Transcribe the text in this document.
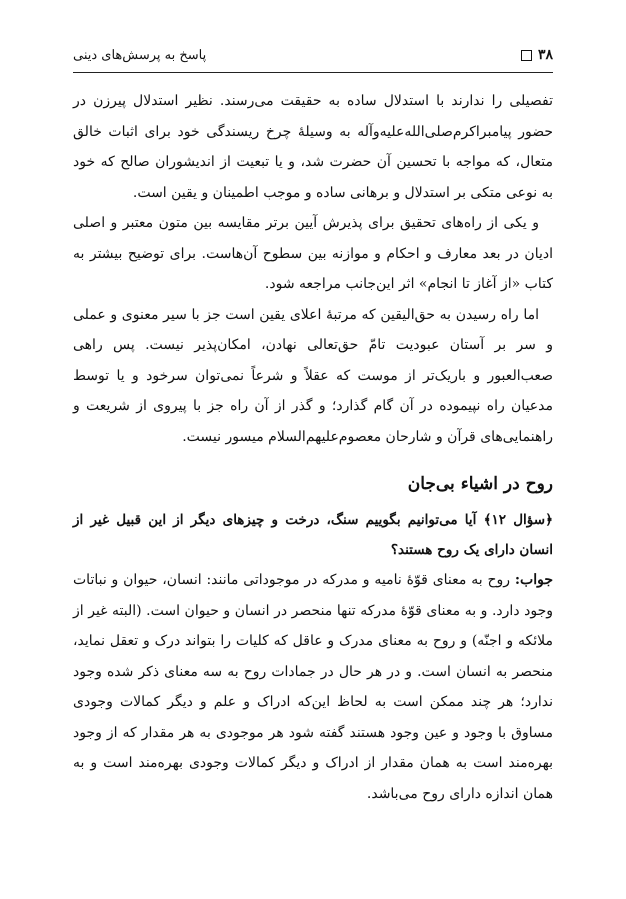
۳۸
پاسخ به پرسش‌های دینی

تفصیلی را ندارند با استدلال ساده به حقیقت می‌رسند. نظیر استدلال پیرزن در حضور پیامبراکرم‌صلی‌الله‌علیه‌وآله به وسیلهٔ چرخ ریسندگی خود برای اثبات خالق متعال، که مواجه با تحسین آن حضرت شد، و یا تبعیت از اندیشوران صالح که خود به نوعی متکی بر استدلال و برهانی ساده و موجب اطمینان و یقین است.

و یکی از راه‌های تحقیق برای پذیرش آیین برتر مقایسه بین متون معتبر و اصلی ادیان در بعد معارف و احکام و موازنه بین سطوح آن‌هاست. برای توضیح بیشتر به کتاب «از آغاز تا انجام» اثر این‌جانب مراجعه شود.

اما راه رسیدن به حق‌الیقین که مرتبهٔ اعلای یقین است جز با سیر معنوی و عملی و سر بر آستان عبودیت تامّ حق‌تعالی نهادن، امکان‌پذیر نیست. پس راهی صعب‌العبور و باریک‌تر از موست که عقلاً و شرعاً نمی‌توان سرخود و یا توسط مدعیان راه نپیموده در آن گام گذارد؛ و گذر از آن راه جز با پیروی از شریعت و راهنمایی‌های قرآن و شارحان معصوم‌علیهم‌السلام میسور نیست.

روح در اشیاء بی‌جان

﴿سؤال ۱۲﴾ آیا می‌توانیم بگوییم سنگ، درخت و چیزهای دیگر از این قبیل غیر از انسان دارای یک روح هستند؟

جواب: روح به معنای قوّهٔ نامیه و مدرکه در موجوداتی مانند: انسان، حیوان و نباتات وجود دارد. و به معنای قوّهٔ مدرکه تنها منحصر در انسان و حیوان است. (البته غیر از ملائکه و اجنّه) و روح به معنای مدرک و عاقل که کلیات را بتواند درک و تعقل نماید، منحصر به انسان است. و در هر حال در جمادات روح به سه معنای ذکر شده وجود ندارد؛ هر چند ممکن است به لحاظ این‌که ادراک و علم و دیگر کمالات وجودی مساوق با وجود و عین وجود هستند گفته شود هر موجودی به هر مقدار که از وجود بهره‌مند است به همان مقدار از ادراک و دیگر کمالات وجودی بهره‌مند است و به همان اندازه دارای روح می‌باشد.
